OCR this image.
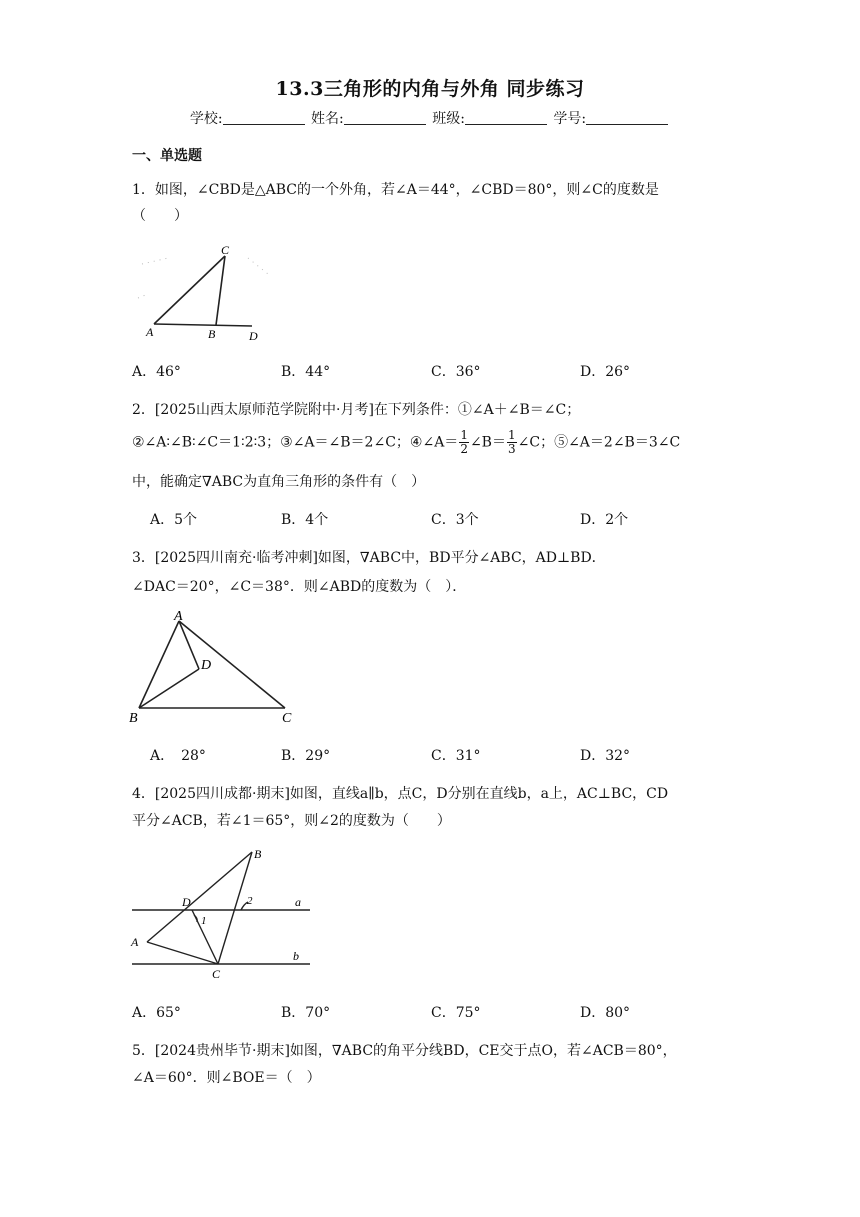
13.3三角形的内角与外角 同步练习
学校:	姓名:	班级:	学号:
一、单选题
1．如图，∠CBD是△ABC的一个外角，若∠A＝44°，∠CBD＝80°，则∠C的度数是
（　　）
C
A	B	D
A．46°	B．44°	C．36°	D．26°
2．[2025山西太原师范学院附中·月考]在下列条件：①∠A＋∠B＝∠C；
②∠A∶∠B∶∠C＝1∶2∶3；③∠A＝∠B＝2∠C；④∠A＝ $\frac{1}{2}$ ∠B＝ $\frac{1}{3}$ ∠C；⑤∠A＝2∠B＝3∠C
中，能确定∇ABC为直角三角形的条件有（　）
A．5个	B．4个	C．3个	D．2个
3．[2025四川南充·临考冲刺]如图，∇ABC中，BD平分∠ABC，AD⊥BD．
∠DAC＝20°，∠C＝38°．则∠ABD的度数为（　）．
A
D
B	C
A．　28°	B．29°	C．31°	D．32°
4．[2025四川成都·期末]如图，直线a∥b，点C，D分别在直线b，a上，AC⊥BC，CD
平分∠ACB，若∠1＝65°，则∠2的度数为（　　）
B
D
1
2	a
A
b
C
A．65°	B．70°	C．75°	D．80°
5．[2024贵州毕节·期末]如图，∇ABC的角平分线BD，CE交于点O，若∠ACB＝80°，
∠A＝60°．则∠BOE＝（　）
